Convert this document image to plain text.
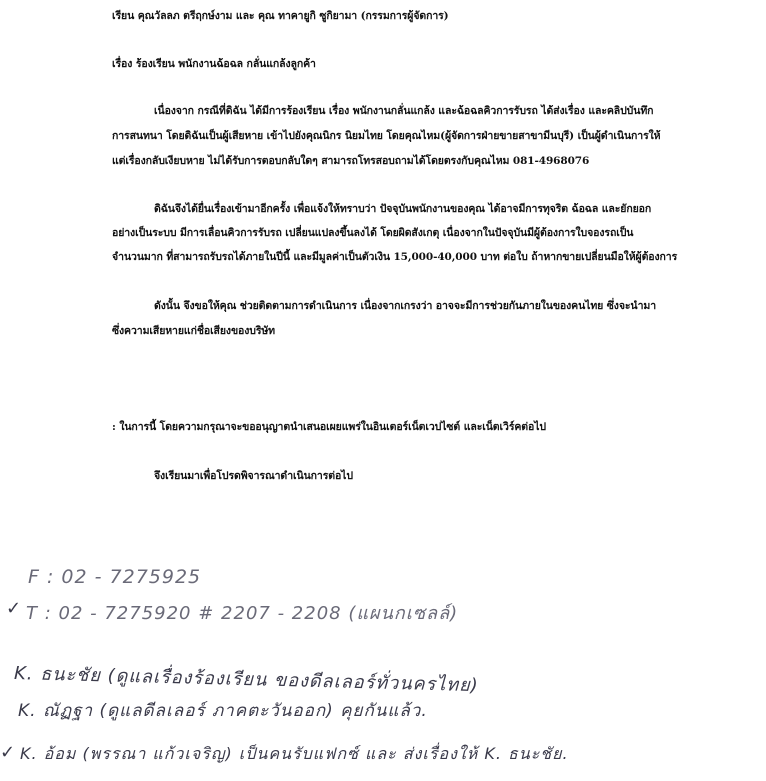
เรียน คุณวัลลภ ตรีฤกษ์งาม และ คุณ ทาคายูกิ ซูกิยามา (กรรมการผู้จัดการ)
เรื่อง ร้องเรียน พนักงานฉ้อฉล กลั่นแกล้งลูกค้า
เนื่องจาก กรณีที่ดิฉัน ได้มีการร้องเรียน เรื่อง พนักงานกลั่นแกล้ง และฉ้อฉลคิวการรับรถ ได้ส่งเรื่อง และคลิปบันทึก
การสนทนา โดยดิฉันเป็นผู้เสียหาย เข้าไปยังคุณนิกร นิยมไทย โดยคุณไหม(ผู้จัดการฝ่ายขายสาขามีนบุรี) เป็นผู้ดำเนินการให้
แต่เรื่องกลับเงียบหาย ไม่ได้รับการตอบกลับใดๆ สามารถโทรสอบถามได้โดยตรงกับคุณไหม 081-4968076
ดิฉันจึงได้ยื่นเรื่องเข้ามาอีกครั้ง เพื่อแจ้งให้ทราบว่า ปัจจุบันพนักงานของคุณ ได้อาจมีการทุจริต ฉ้อฉล และยักยอก
อย่างเป็นระบบ มีการเลื่อนคิวการรับรถ เปลี่ยนแปลงขึ้นลงได้ โดยผิดสังเกตุ เนื่องจากในปัจจุบันมีผู้ต้องการใบจองรถเป็น
จำนวนมาก ที่สามารถรับรถได้ภายในปีนี้ และมีมูลค่าเป็นตัวเงิน 15,000-40,000 บาท ต่อใบ ถ้าหากขายเปลี่ยนมือให้ผู้ต้องการ
ดังนั้น จึงขอให้คุณ ช่วยติดตามการดำเนินการ เนื่องจากเกรงว่า อาจจะมีการช่วยกันภายในของคนไทย ซึ่งจะนำมา
ซึ่งความเสียหายแก่ชื่อเสียงของบริษัท
: ในการนี้ โดยความกรุณาจะขออนุญาตนำเสนอเผยแพร่ในอินเตอร์เน็ตเวปไซต์ และเน็ตเวิร์คต่อไป
จึงเรียนมาเพื่อโปรดพิจารณาดำเนินการต่อไป
F : 02 - 7275925
✓ T : 02 - 7275920 # 2207 - 2208 (แผนกเซลล์)
K. ธนะชัย (ดูแลเรื่องร้องเรียน ของดีลเลอร์ทั่วนครไทย)
K. ณัฏฐา (ดูแลดีลเลอร์ ภาคตะวันออก) คุยกันแล้ว.
✓ K. อ้อม (พรรณา แก้วเจริญ) เป็นคนรับแฟกซ์ และ ส่งเรื่องให้ K. ธนะชัย.
